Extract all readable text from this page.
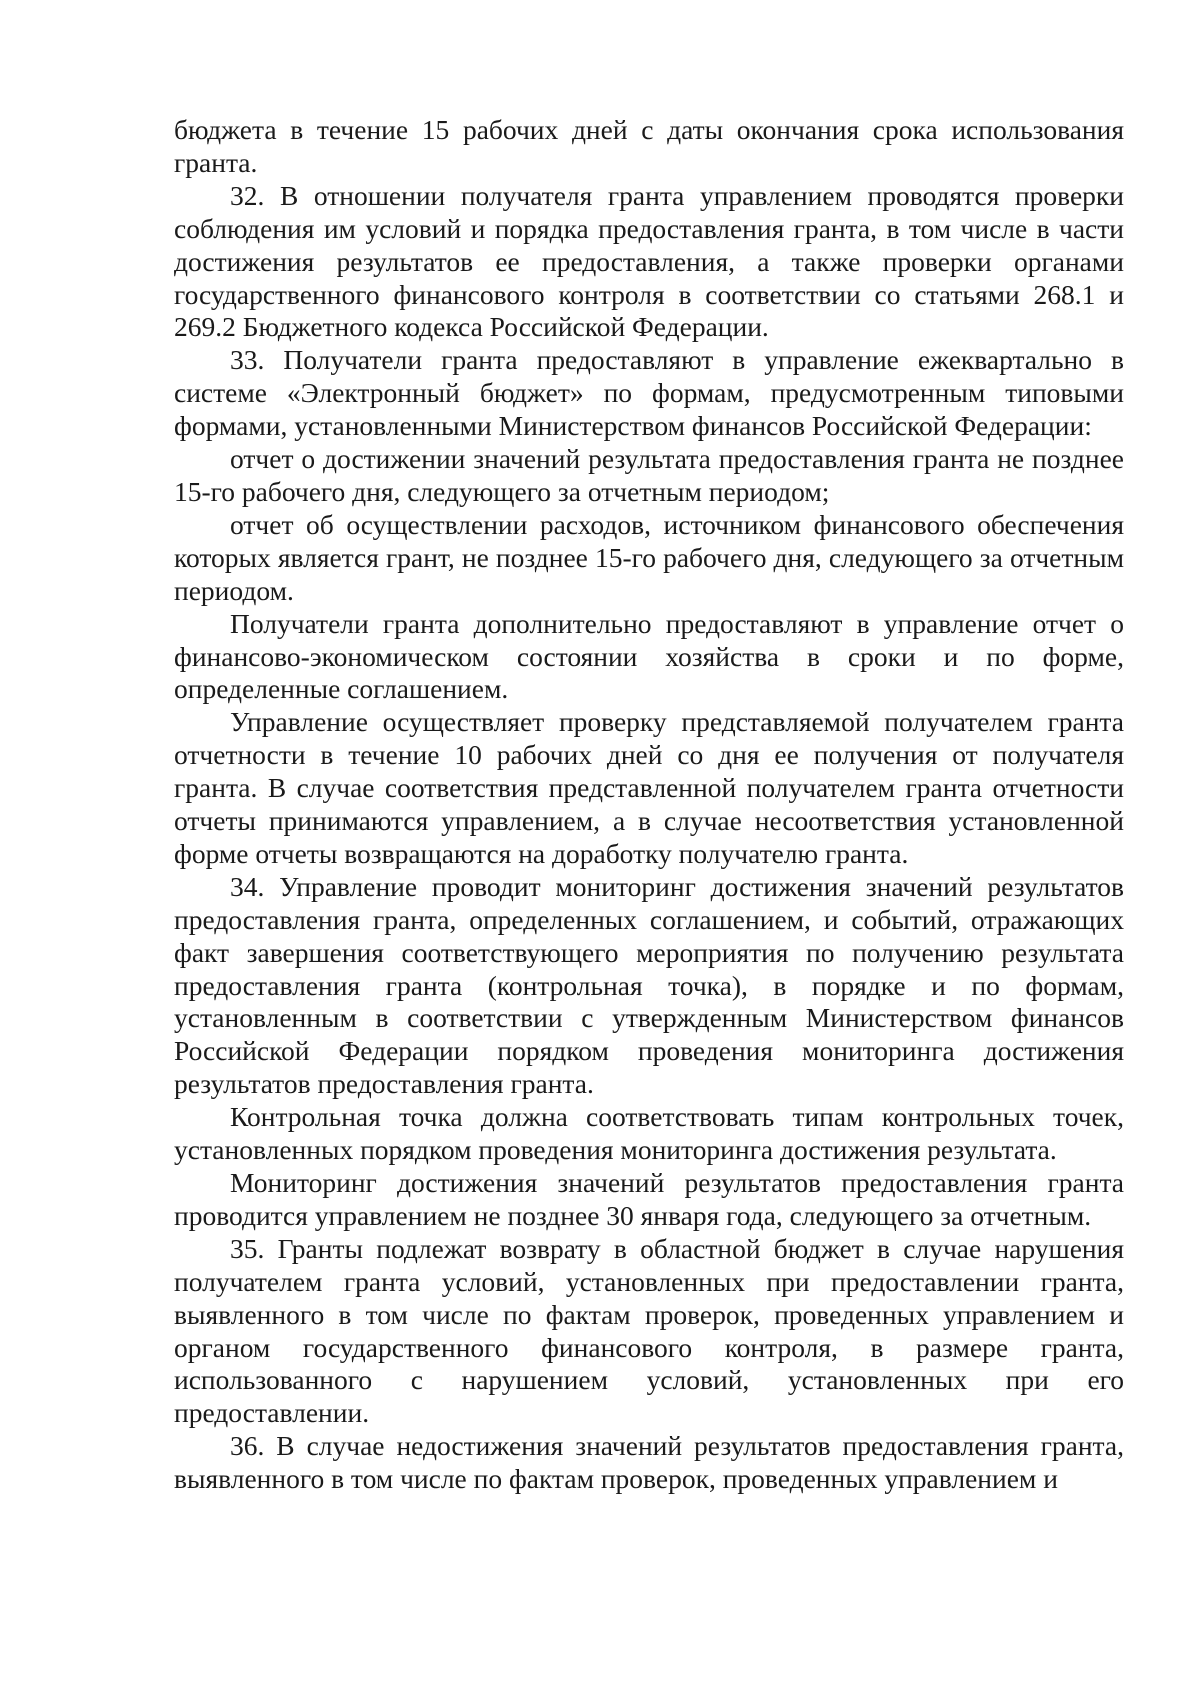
бюджета в течение 15 рабочих дней с даты окончания срока использования гранта.

32. В отношении получателя гранта управлением проводятся проверки соблюдения им условий и порядка предоставления гранта, в том числе в части достижения результатов ее предоставления, а также проверки органами государственного финансового контроля в соответствии со статьями 268.1 и 269.2 Бюджетного кодекса Российской Федерации.

33. Получатели гранта предоставляют в управление ежеквартально в системе «Электронный бюджет» по формам, предусмотренным типовыми формами, установленными Министерством финансов Российской Федерации:

отчет о достижении значений результата предоставления гранта не позднее 15-го рабочего дня, следующего за отчетным периодом;

отчет об осуществлении расходов, источником финансового обеспечения которых является грант, не позднее 15-го рабочего дня, следующего за отчетным периодом.

Получатели гранта дополнительно предоставляют в управление отчет о финансово-экономическом состоянии хозяйства в сроки и по форме, определенные соглашением.

Управление осуществляет проверку представляемой получателем гранта отчетности в течение 10 рабочих дней со дня ее получения от получателя гранта. В случае соответствия представленной получателем гранта отчетности отчеты принимаются управлением, а в случае несоответствия установленной форме отчеты возвращаются на доработку получателю гранта.

34. Управление проводит мониторинг достижения значений результатов предоставления гранта, определенных соглашением, и событий, отражающих факт завершения соответствующего мероприятия по получению результата предоставления гранта (контрольная точка), в порядке и по формам, установленным в соответствии с утвержденным Министерством финансов Российской Федерации порядком проведения мониторинга достижения результатов предоставления гранта.

Контрольная точка должна соответствовать типам контрольных точек, установленных порядком проведения мониторинга достижения результата.

Мониторинг достижения значений результатов предоставления гранта проводится управлением не позднее 30 января года, следующего за отчетным.

35. Гранты подлежат возврату в областной бюджет в случае нарушения получателем гранта условий, установленных при предоставлении гранта, выявленного в том числе по фактам проверок, проведенных управлением и органом государственного финансового контроля, в размере гранта, использованного с нарушением условий, установленных при его предоставлении.

36. В случае недостижения значений результатов предоставления гранта, выявленного в том числе по фактам проверок, проведенных управлением и
